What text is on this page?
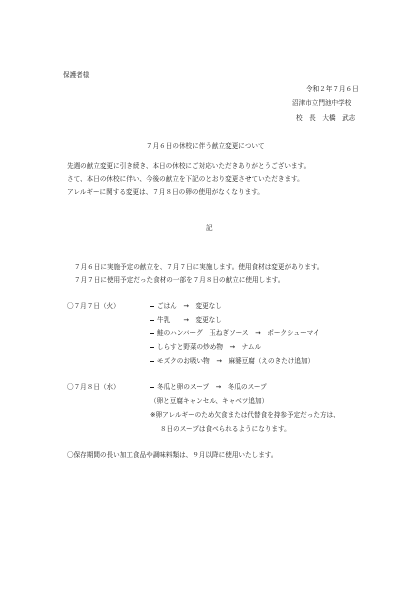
保護者様
令和２年７月６日
沼津市立門池中学校
校　長　大橋　武志
７月６日の休校に伴う献立変更について
先週の献立変更に引き続き、本日の休校にご対応いただきありがとうございます。
さて、本日の休校に伴い、今後の献立を下記のとおり変更させていただきます。
アレルギーに関する変更は、７月８日の卵の使用がなくなります。
記
７月６日に実施予定の献立を、７月７日に実施します。使用食材は変更があります。
７月７日に使用予定だった食材の一部を７月８日の献立に使用します。
〇７月７日（火）	ごはん　→　変更なし
牛乳　　→　変更なし
鮭のハンバーグ　玉ねぎソース　→　ポークシューマイ
しらすと野菜の炒め物　→　ナムル
モズクのお吸い物　→　麻婆豆腐（えのきたけ追加）
〇７月８日（水）	冬瓜と卵のスープ　→　冬瓜のスープ
（卵と豆腐キャンセル、キャベツ追加）
※卵アレルギーのため欠食または代替食を持参予定だった方は、
８日のスープは食べられるようになります。
〇保存期間の長い加工食品や調味料類は、９月以降に使用いたします。
